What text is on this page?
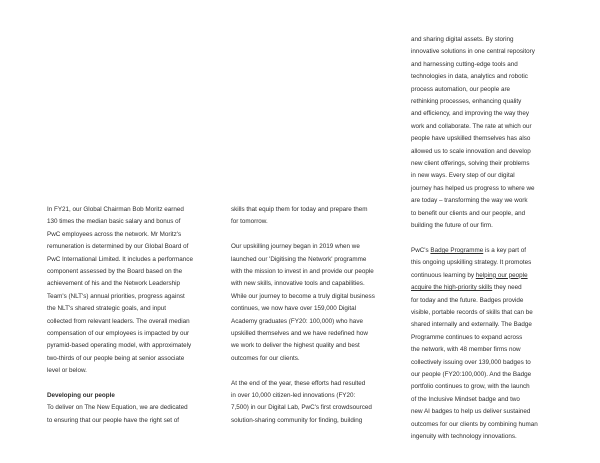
In FY21, our Global Chairman Bob Moritz earned

130 times the median basic salary and bonus of

PwC employees across the network. Mr Moritz's

remuneration is determined by our Global Board of

PwC International Limited. It includes a performance

component assessed by the Board based on the

achievement of his and the Network Leadership

Team's (NLT's) annual priorities, progress against

the NLT's shared strategic goals, and input

collected from relevant leaders. The overall median

compensation of our employees is impacted by our

pyramid-based operating model, with approximately

two-thirds of our people being at senior associate

level or below.

Developing our people

To deliver on The New Equation, we are dedicated

to ensuring that our people have the right set of

skills that equip them for today and prepare them

for tomorrow.

Our upskilling journey began in 2019 when we

launched our 'Digitising the Network' programme

with the mission to invest in and provide our people

with new skills, innovative tools and capabilities.

While our journey to become a truly digital business

continues, we now have over 159,000 Digital

Academy graduates (FY20: 100,000) who have

upskilled themselves and we have redefined how

we work to deliver the highest quality and best

outcomes for our clients.

At the end of the year, these efforts had resulted

in over 10,000 citizen-led innovations (FY20:

7,500) in our Digital Lab, PwC's first crowdsourced

solution-sharing community for finding, building

and sharing digital assets. By storing

innovative solutions in one central repository

and harnessing cutting-edge tools and

technologies in data, analytics and robotic

process automation, our people are

rethinking processes, enhancing quality

and efficiency, and improving the way they

work and collaborate. The rate at which our

people have upskilled themselves has also

allowed us to scale innovation and develop

new client offerings, solving their problems

in new ways. Every step of our digital

journey has helped us progress to where we

are today – transforming the way we work

to benefit our clients and our people, and

building the future of our firm.

PwC's Badge Programme is a key part of

this ongoing upskilling strategy. It promotes

continuous learning by helping our people

acquire the high-priority skills they need

for today and the future. Badges provide

visible, portable records of skills that can be

shared internally and externally. The Badge

Programme continues to expand across

the network, with 48 member firms now

collectively issuing over 139,000 badges to

our people (FY20:100,000). And the Badge

portfolio continues to grow, with the launch

of the Inclusive Mindset badge and two

new AI badges to help us deliver sustained

outcomes for our clients by combining human

ingenuity with technology innovations.
